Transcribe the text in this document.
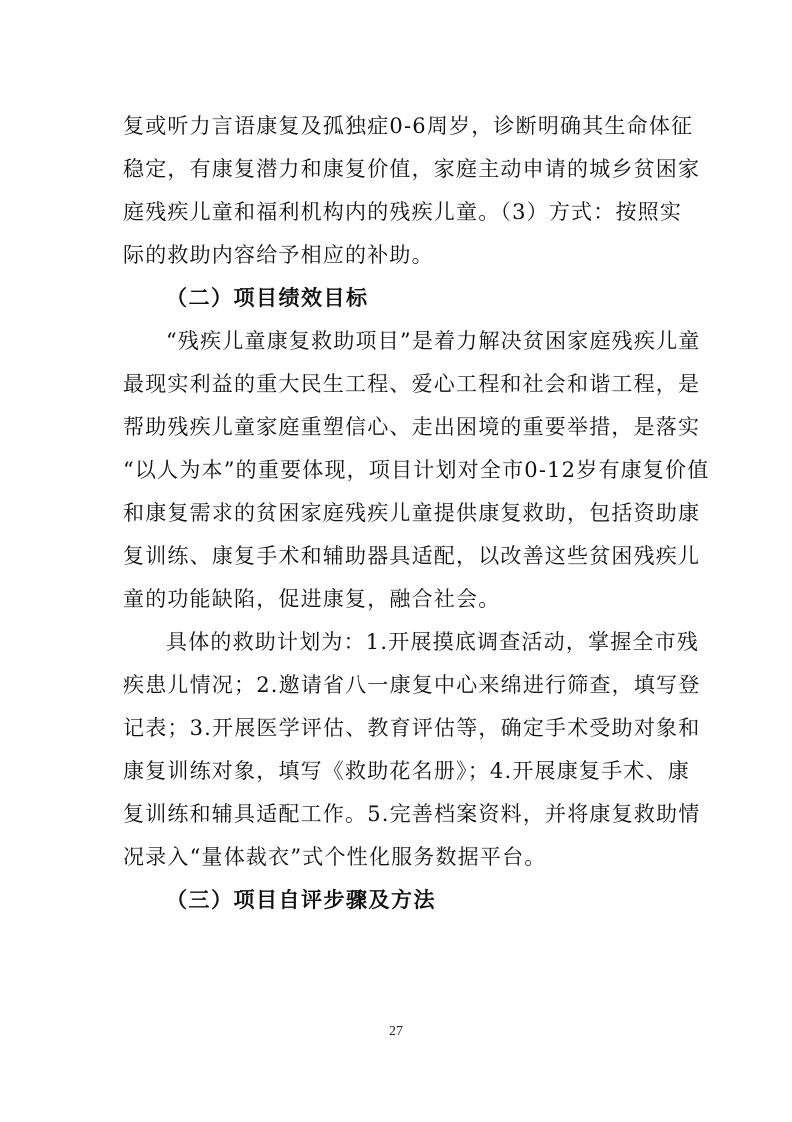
复或听力言语康复及孤独症0-6周岁，诊断明确其生命体征
稳定，有康复潜力和康复价值，家庭主动申请的城乡贫困家
庭残疾儿童和福利机构内的残疾儿童。（3）方式：按照实
际的救助内容给予相应的补助。
（二）项目绩效目标
“残疾儿童康复救助项目”是着力解决贫困家庭残疾儿童
最现实利益的重大民生工程、爱心工程和社会和谐工程，是
帮助残疾儿童家庭重塑信心、走出困境的重要举措，是落实
“以人为本”的重要体现，项目计划对全市0-12岁有康复价值
和康复需求的贫困家庭残疾儿童提供康复救助，包括资助康
复训练、康复手术和辅助器具适配，以改善这些贫困残疾儿
童的功能缺陷，促进康复，融合社会。
具体的救助计划为：1.开展摸底调查活动，掌握全市残
疾患儿情况；2.邀请省八一康复中心来绵进行筛查，填写登
记表；3.开展医学评估、教育评估等，确定手术受助对象和
康复训练对象，填写《救助花名册》；4.开展康复手术、康
复训练和辅具适配工作。5.完善档案资料，并将康复救助情
况录入“量体裁衣”式个性化服务数据平台。
（三）项目自评步骤及方法
27
